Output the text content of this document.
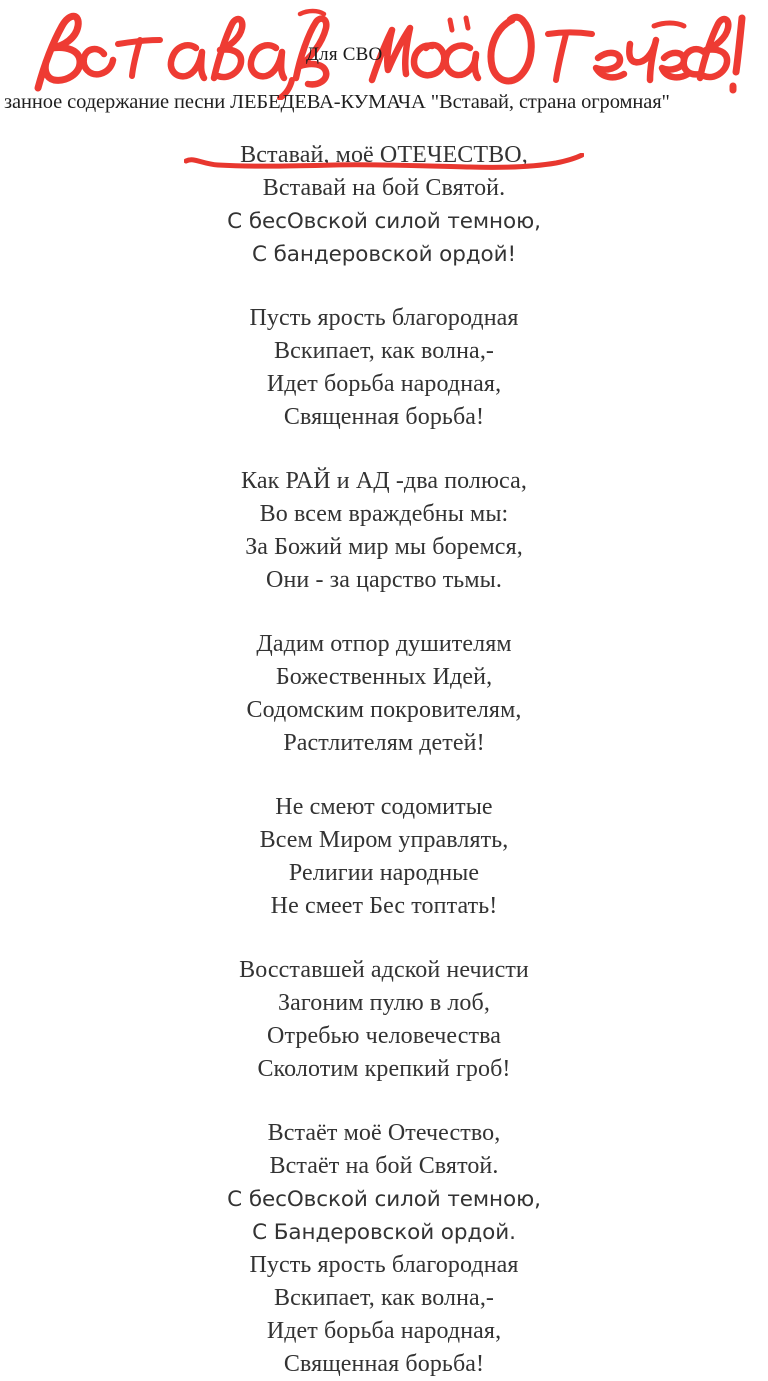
Для СВО
занное содержание песни ЛЕБЕДЕВА-КУМАЧА "Вставай, страна огромная"
Вставай, моё ОТЕЧЕСТВО,
Вставай на бой Святой.
С бесОвской силой темною,
С бандеровской ордой!
Пусть ярость благородная
Вскипает, как волна,-
Идет борьба народная,
Священная борьба!
Как РАЙ и АД -два полюса,
Во всем враждебны мы:
За Божий мир мы боремся,
Они - за царство тьмы.
Дадим отпор душителям
Божественных Идей,
Содомским покровителям,
Растлителям детей!
Не смеют содомитые
Всем Миром управлять,
Религии народные
Не смеет Бес топтать!
Восставшей адской нечисти
Загоним пулю в лоб,
Отребью человечества
Сколотим крепкий гроб!
Встаёт моё Отечество,
Встаёт на бой Святой.
С бесОвской силой темною,
С Бандеровской ордой.
Пусть ярость благородная
Вскипает, как волна,-
Идет борьба народная,
Священная борьба!
